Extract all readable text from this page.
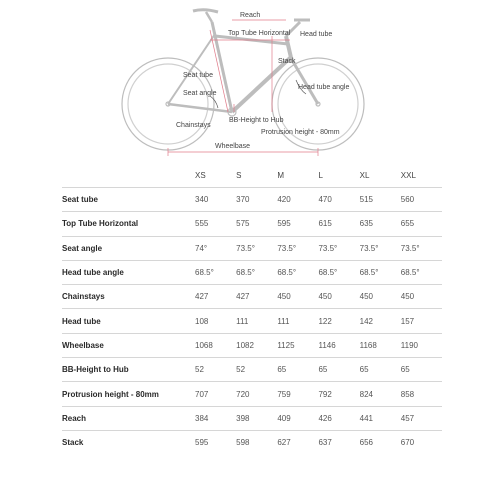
Reach
Top Tube Horizontal Head tube
Stack
Seat tube
Head tube angle
Seat angle
Chainstays
BB-Height to Hub
Protrusion height - 80mm
Wheelbase
	XS	S	M	L	XL	XXL
Seat tube	340	370	420	470	515	560
Top Tube Horizontal	555	575	595	615	635	655
Seat angle	74°	73.5°	73.5°	73.5°	73.5°	73.5°
Head tube angle	68.5°	68.5°	68.5°	68.5°	68.5°	68.5°
Chainstays	427	427	450	450	450	450
Head tube	108	111	111	122	142	157
Wheelbase	1068	1082	1125	1146	1168	1190
BB-Height to Hub	52	52	65	65	65	65
Protrusion height - 80mm	707	720	759	792	824	858
Reach	384	398	409	426	441	457
Stack	595	598	627	637	656	670
